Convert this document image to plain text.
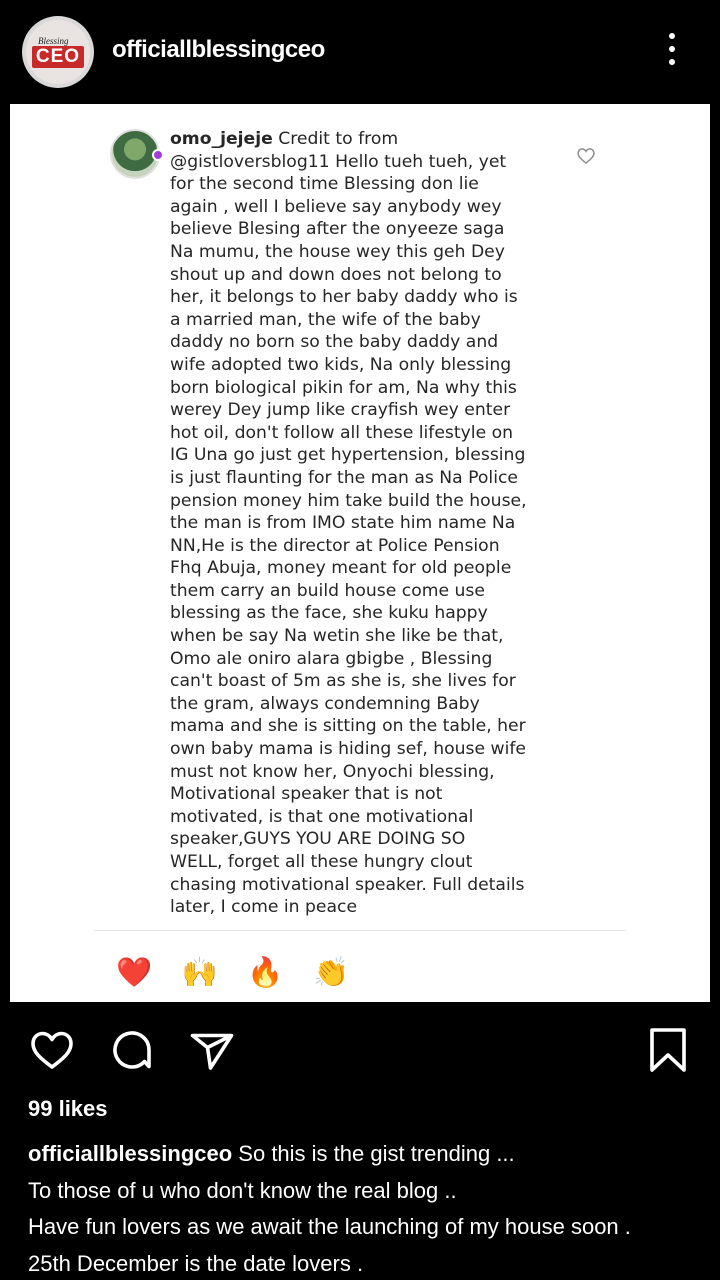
Blessing
CEO officiallblessingceo
omo_jejeje Credit to from
@gistloversblog11 Hello tueh tueh, yet
for the second time Blessing don lie
again , well I believe say anybody wey
believe Blesing after the onyeeze saga
Na mumu, the house wey this geh Dey
shout up and down does not belong to
her, it belongs to her baby daddy who is
a married man, the wife of the baby
daddy no born so the baby daddy and
wife adopted two kids, Na only blessing
born biological pikin for am, Na why this
werey Dey jump like crayfish wey enter
hot oil, don't follow all these lifestyle on
IG Una go just get hypertension, blessing
is just flaunting for the man as Na Police
pension money him take build the house,
the man is from IMO state him name Na
NN,He is the director at Police Pension
Fhq Abuja, money meant for old people
them carry an build house come use
blessing as the face, she kuku happy
when be say Na wetin she like be that,
Omo ale oniro alara gbigbe , Blessing
can't boast of 5m as she is, she lives for
the gram, always condemning Baby
mama and she is sitting on the table, her
own baby mama is hiding sef, house wife
must not know her, Onyochi blessing,
Motivational speaker that is not
motivated, is that one motivational
speaker,GUYS YOU ARE DOING SO
WELL, forget all these hungry clout
chasing motivational speaker. Full details
later, I come in peace
❤️ 🙌 🔥 👏 😢 😍 😮 😂
99 likes
officiallblessingceo So this is the gist trending ...
To those of u who don't know the real blog ..
Have fun lovers as we await the launching of my house soon .
25th December is the date lovers .
